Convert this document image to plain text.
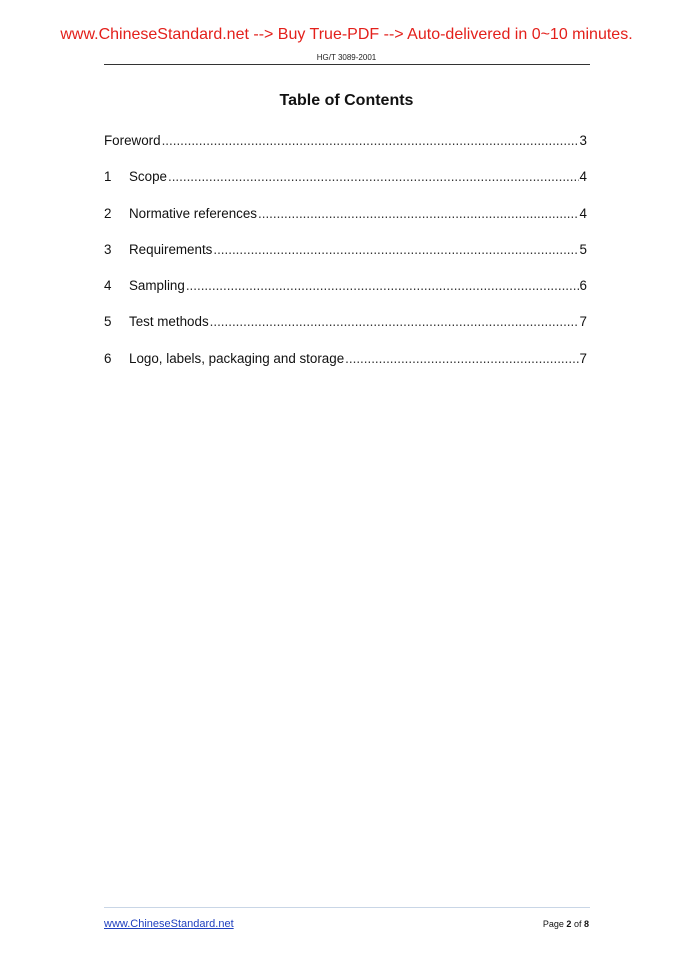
www.ChineseStandard.net --> Buy True-PDF --> Auto-delivered in 0~10 minutes.
HG/T 3089-2001
Table of Contents
Foreword .....	3
1	Scope .....	4
2	Normative references .....	4
3	Requirements .....	5
4	Sampling .....	6
5	Test methods .....	7
6	Logo, labels, packaging and storage .....	7
www.ChineseStandard.net	Page 2 of 8
